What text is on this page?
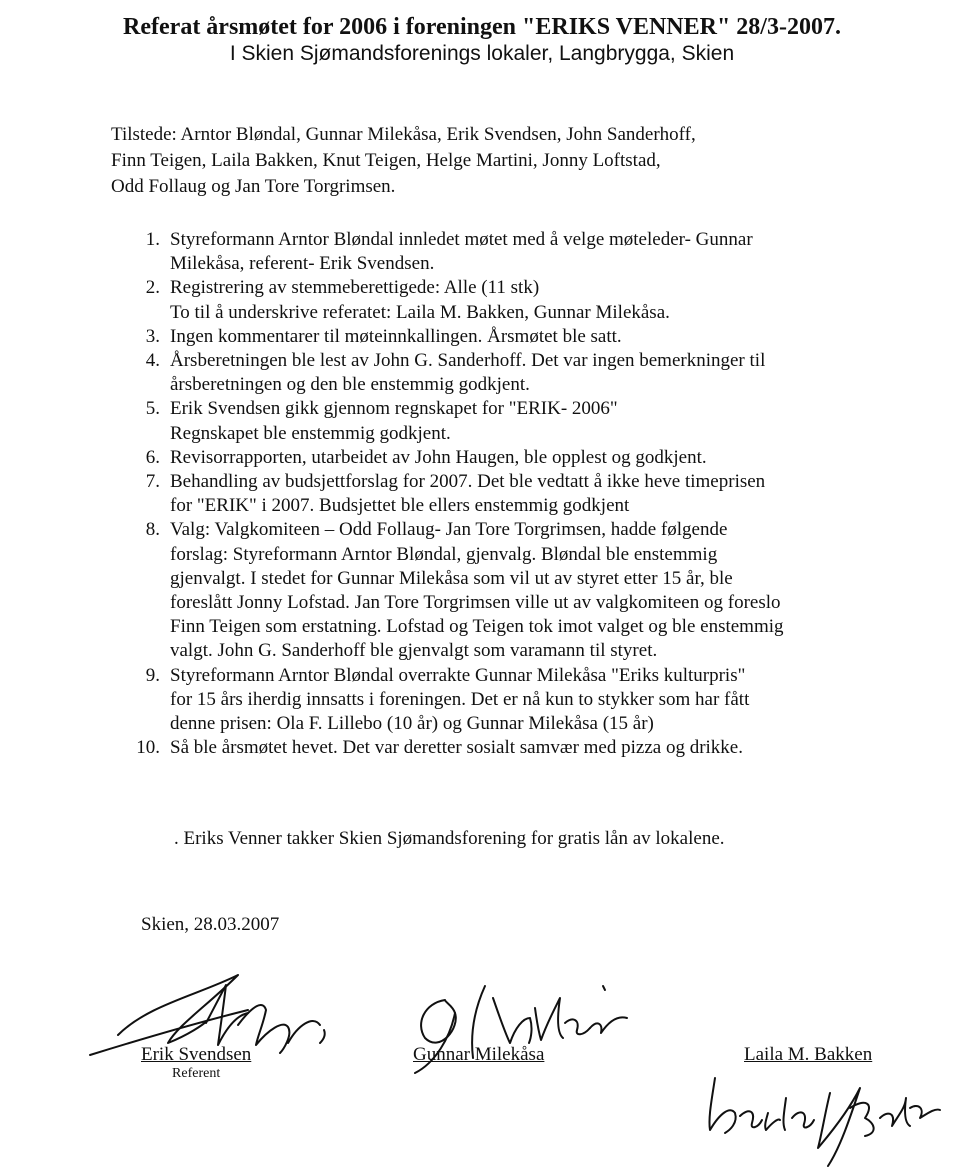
Referat årsmøtet for 2006 i foreningen "ERIKS VENNER" 28/3-2007.
I Skien Sjømandsforenings lokaler, Langbrygga, Skien
Tilstede: Arntor Bløndal, Gunnar Milekåsa, Erik Svendsen, John Sanderhoff,
Finn Teigen, Laila Bakken, Knut Teigen, Helge Martini, Jonny Loftstad,
Odd Follaug og Jan Tore Torgrimsen.
1. Styreformann Arntor Bløndal innledet møtet med å velge møteleder- Gunnar
Milekåsa, referent- Erik Svendsen.
2. Registrering av stemmeberettigede: Alle (11 stk)
To til å underskrive referatet: Laila M. Bakken, Gunnar Milekåsa.
3. Ingen kommentarer til møteinnkallingen. Årsmøtet ble satt.
4. Årsberetningen ble lest av John G. Sanderhoff. Det var ingen bemerkninger til
årsberetningen og den ble enstemmig godkjent.
5. Erik Svendsen gikk gjennom regnskapet for "ERIK- 2006"
Regnskapet ble enstemmig godkjent.
6. Revisorrapporten, utarbeidet av John Haugen, ble opplest og godkjent.
7. Behandling av budsjettforslag for 2007. Det ble vedtatt å ikke heve timeprisen
for "ERIK" i 2007. Budsjettet ble ellers enstemmig godkjent
8. Valg: Valgkomiteen – Odd Follaug- Jan Tore Torgrimsen, hadde følgende
forslag: Styreformann Arntor Bløndal, gjenvalg. Bløndal ble enstemmig
gjenvalgt. I stedet for Gunnar Milekåsa som vil ut av styret etter 15 år, ble
foreslått Jonny Lofstad. Jan Tore Torgrimsen ville ut av valgkomiteen og foreslo
Finn Teigen som erstatning. Lofstad og Teigen tok imot valget og ble enstemmig
valgt. John G. Sanderhoff ble gjenvalgt som varamann til styret.
9. Styreformann Arntor Bløndal overrakte Gunnar Milekåsa "Eriks kulturpris"
for 15 års iherdig innsatts i foreningen. Det er nå kun to stykker som har fått
denne prisen: Ola F. Lillebo (10 år) og Gunnar Milekåsa (15 år)
10. Så ble årsmøtet hevet. Det var deretter sosialt samvær med pizza og drikke.
. Eriks Venner takker Skien Sjømandsforening for gratis lån av lokalene.
Skien, 28.03.2007
Erik Svendsen
Referent
Gunnar Milekåsa	Laila M. Bakken
